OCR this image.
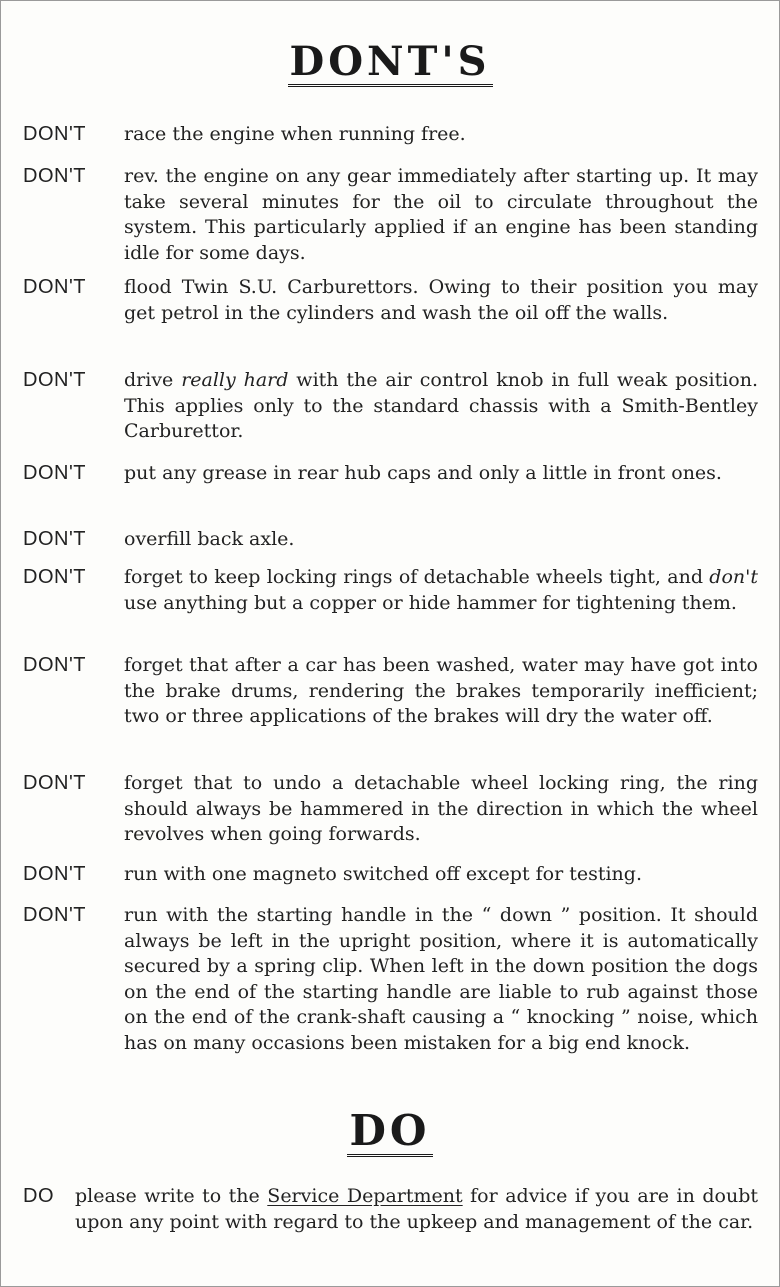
DONT'S
DON'T	race the engine when running free.
DON'T	rev. the engine on any gear immediately after starting up. It may take several minutes for the oil to circulate throughout the system. This particularly applied if an engine has been standing idle for some days.
DON'T	flood Twin S.U. Carburettors. Owing to their position you may get petrol in the cylinders and wash the oil off the walls.
DON'T	drive really hard with the air control knob in full weak position. This applies only to the standard chassis with a Smith-Bentley Carburettor.
DON'T	put any grease in rear hub caps and only a little in front ones.
DON'T	overfill back axle.
DON'T	forget to keep locking rings of detachable wheels tight, and don't use anything but a copper or hide hammer for tightening them.
DON'T	forget that after a car has been washed, water may have got into the brake drums, rendering the brakes temporarily inefficient; two or three applications of the brakes will dry the water off.
DON'T	forget that to undo a detachable wheel locking ring, the ring should always be hammered in the direction in which the wheel revolves when going forwards.
DON'T	run with one magneto switched off except for testing.
DON'T	run with the starting handle in the “ down ” position. It should always be left in the upright position, where it is automatically secured by a spring clip. When left in the down position the dogs on the end of the starting handle are liable to rub against those on the end of the crank-shaft causing a “ knocking ” noise, which has on many occasions been mistaken for a big end knock.
DO
DO	please write to the Service Department for advice if you are in doubt upon any point with regard to the upkeep and management of the car.
